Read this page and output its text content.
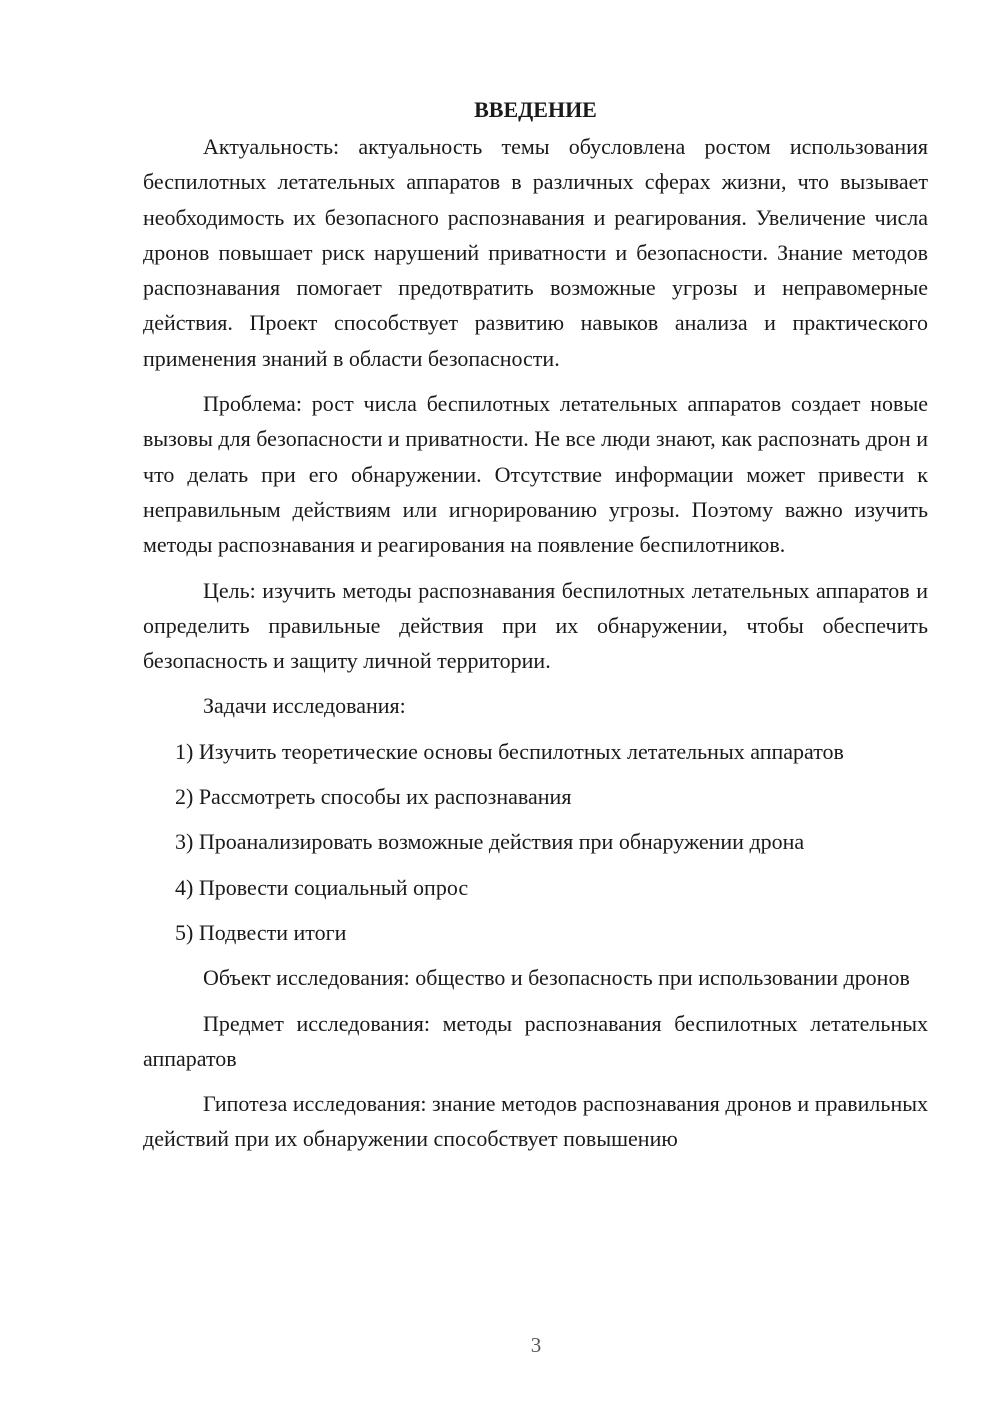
ВВЕДЕНИЕ

Актуальность: актуальность темы обусловлена ростом использования беспилотных летательных аппаратов в различных сферах жизни, что вызывает необходимость их безопасного распознавания и реагирования. Увеличение числа дронов повышает риск нарушений приватности и безопасности. Знание методов распознавания помогает предотвратить возможные угрозы и неправомерные действия. Проект способствует развитию навыков анализа и практического применения знаний в области безопасности.

Проблема: рост числа беспилотных летательных аппаратов создает новые вызовы для безопасности и приватности. Не все люди знают, как распознать дрон и что делать при его обнаружении. Отсутствие информации может привести к неправильным действиям или игнорированию угрозы. Поэтому важно изучить методы распознавания и реагирования на появление беспилотников.

Цель: изучить методы распознавания беспилотных летательных аппаратов и определить правильные действия при их обнаружении, чтобы обеспечить безопасность и защиту личной территории.

Задачи исследования:

1) Изучить теоретические основы беспилотных летательных аппаратов

2) Рассмотреть способы их распознавания

3) Проанализировать возможные действия при обнаружении дрона

4) Провести социальный опрос

5) Подвести итоги

Объект исследования: общество и безопасность при использовании дронов

Предмет исследования: методы распознавания беспилотных летательных аппаратов

Гипотеза исследования: знание методов распознавания дронов и правильных действий при их обнаружении способствует повышению

3
